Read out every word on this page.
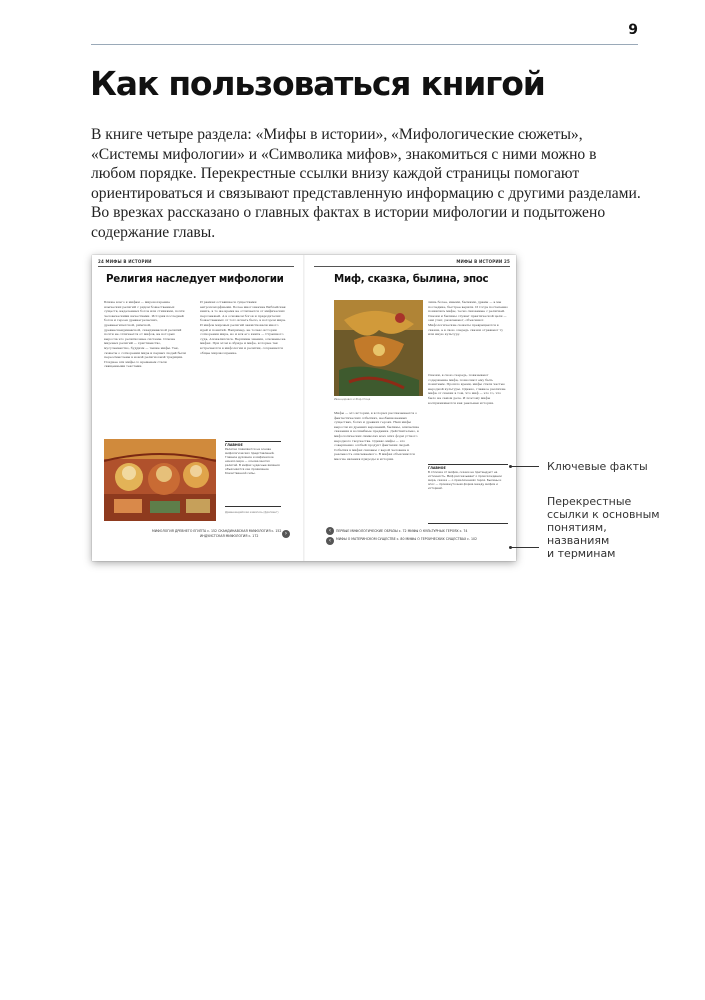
9
Как пользоваться книгой

В книге четыре раздела: «Мифы в истории», «Мифологические сюжеты», «Системы мифологии» и «Символика мифов», знакомиться с ними можно в любом порядке. Перекрестные ссылки внизу каждой страницы помогают ориентироваться и связывают представленную информацию с другими разделами. Во врезках рассказано о главных фактах в истории мифологии и подытожено содержание главы.

24 МИФЫ В ИСТОРИИ
Религия наследует мифологии

Ближе всего к мифам — мировоззрение языческих религий с рядом божественных существ, наделенных богов или стихиями, почти человеческими качествами. История последней богов и героев древнегреческих, древнеегипетской, римской, древнескандинавской, скандинавской религий почти не отличается от мифов, на которых выросла это религиозные системы. Основа мировых религий — христианство, мусульманство, буддизм — также мифы. Так, сюжеты о сотворении мира и первых людей были переосмыслены в новой религиозной традиции. Позднее эти мифы со временем стали священными текстами.

И рамках оставшиеся существами антропоморфными. Более многозначна Библейская книга, в то же время не отличается от мифических персонажей. А в основном богов и прародителях божественных от того искать было, в котором мира. И мифов мировых религий заимствовали много идей и понятий. Например, не только история сотворения мира, но и вся его книга — Страшного суда, Апокалипсиса. Вершины знания, основаны на мифах. При этом в обряде и мифе, которые так встречаются в мифологии и религии, сохраняется общее мировоззрение.

ГЛАВНОЕ
Религии появляются на основе мифологических представлений. Главное духовное и мифическое начало мира — основа многих религий. В мифах чудесные явления объясняются как проявление божественной силы.
Древнеиндийская живопись (фрагмент)
МИФОЛОГИЯ ДРЕВНЕГО ЕГИПТА с. 152 СКАНДИНАВСКАЯ МИФОЛОГИЯ с. 152
ИНДУИСТСКАЯ МИФОЛОГИЯ с. 172	›
МИФЫ В ИСТОРИИ 25
Миф, сказка, былина, эпос
Иван-царевич и Жар-птица

Мифы — это истории, в которых рассказывается о фантастических событиях, необыкновенных существах, богах и древних героях. Наш мифы выросли из древних верований, былины, эпические сказания и волшебные предания. Действительно, в мифологических символах всех этих форм устного народного творчества. Однако мифы — это совершенно особый продукт фантазии людей. События в мифах связаны с верой человека в реальность описываемого. В мифах объясняются многие явления природы и истории.

лишь более, иными, баснями, драмы — а мы последние, быстрее верили. И тогда постепенно появились мифы, тесно связанные с религией. Сказки и былины служат практической цели — они учат, развлекают, объясняют. Мифологические сюжеты превращаются в сказки, а в свою очередь сказки отражают ту или иную культуру.

Сказки, в свою очередь, показывают содержание мифа, позволяют ему быть понятным. Прошло время, мифы стали частью народной культуры. Однако, главное различие мифа от сказки в том, что миф — это то, что было на самом деле. И поэтому мифы воспринимаются как реальная история.

ГЛАВНОЕ
В отличие от мифов, сказки не претендуют на истинность. Миф рассказывает о происхождении мира, сказка — о приключениях героя. Былины и эпос — промежуточная форма между мифом и историей.
‹
‹
ПЕРВЫЕ МИФОЛОГИЧЕСКИЕ ОБРАЗЫ с. 72 МИФЫ О КУЛЬТУРНЫХ ГЕРОЯХ с. 74
МИФЫ О МАТЕРИНСКОМ СУЩЕСТВЕ с. 80 МИФЫ О ГЕРОИЧЕСКИХ СУЩЕСТВАХ с. 102
Ключевые факты
Перекрестные
ссылки к основным
понятиям,
названиям
и терминам
